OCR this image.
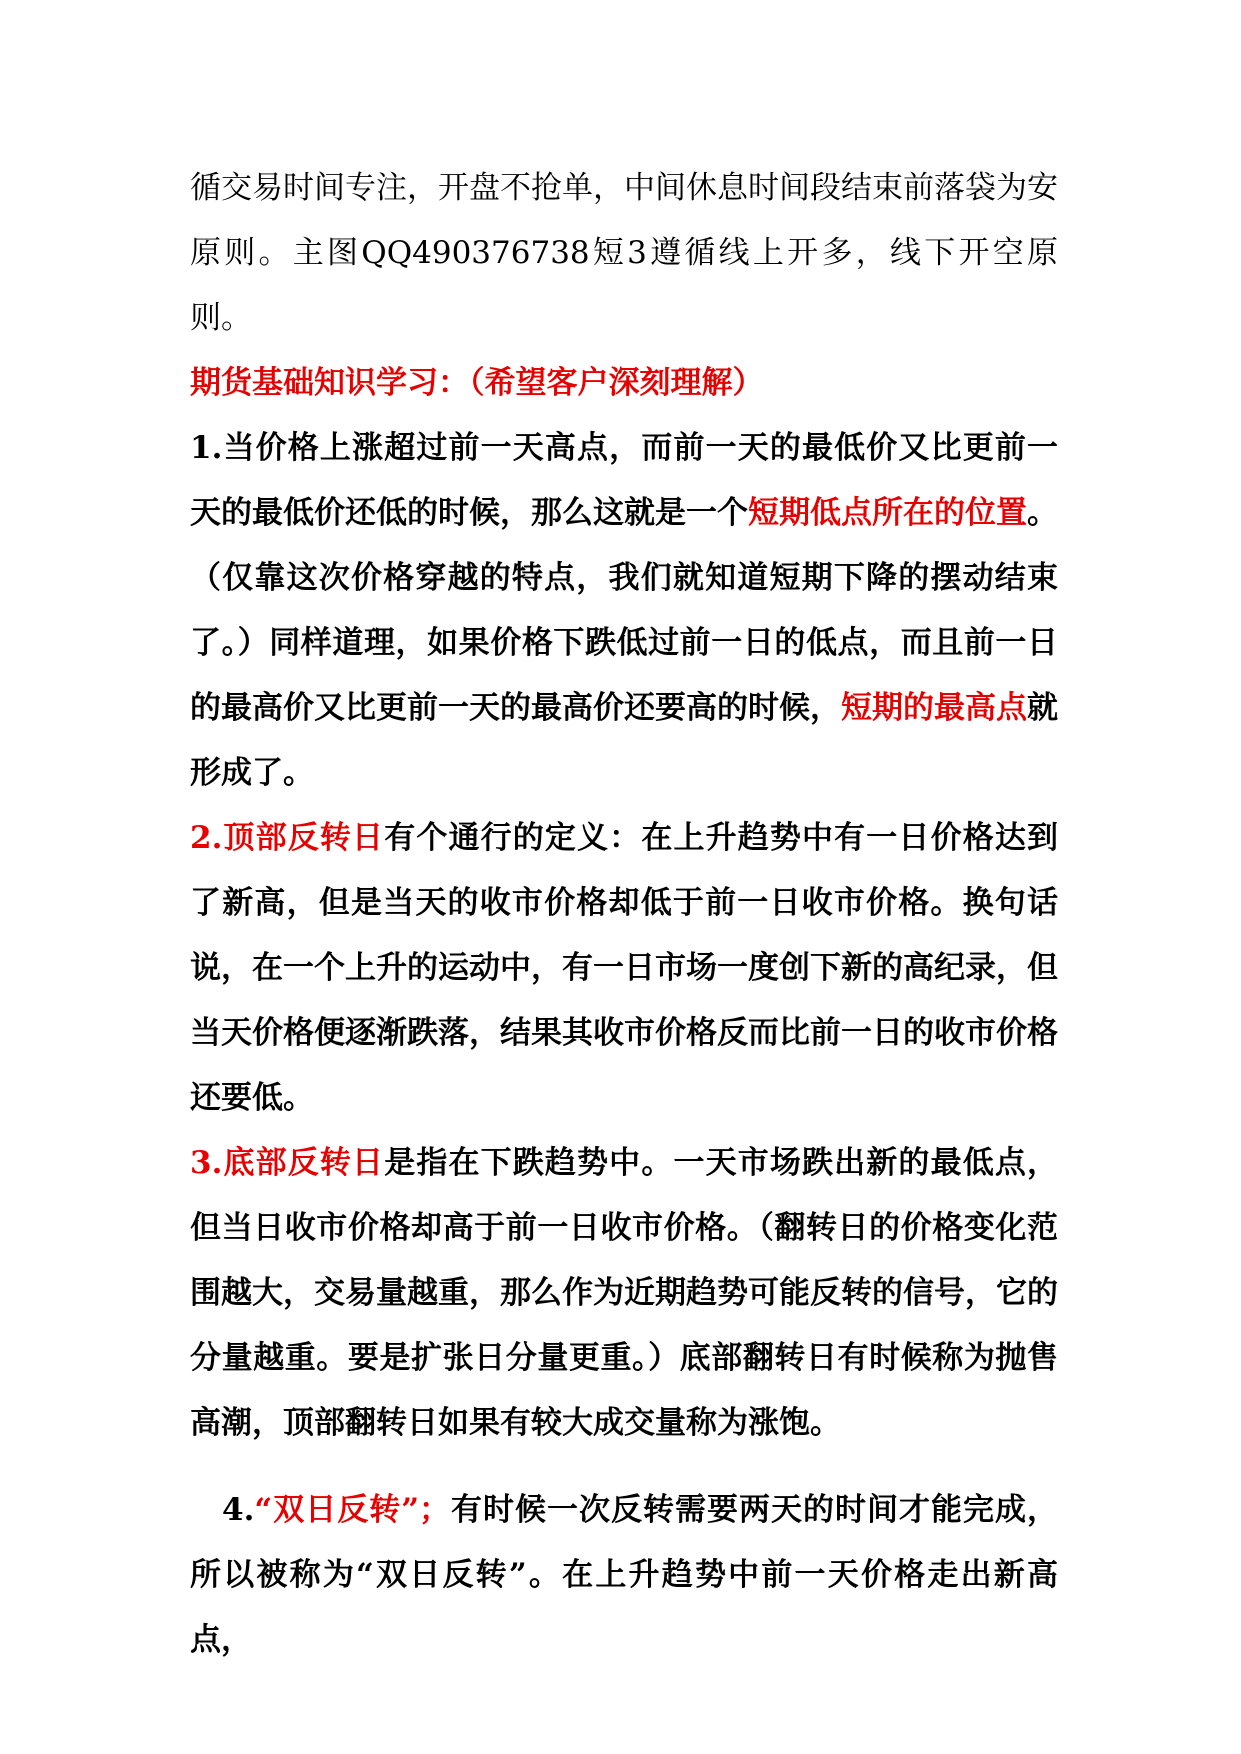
循交易时间专注，开盘不抢单，中间休息时间段结束前落袋为安原则。主图QQ490376738短3遵循线上开多，线下开空原则。

期货基础知识学习：（希望客户深刻理解）

1.当价格上涨超过前一天高点，而前一天的最低价又比更前一天的最低价还低的时候，那么这就是一个短期低点所在的位置。（仅靠这次价格穿越的特点，我们就知道短期下降的摆动结束了。）同样道理，如果价格下跌低过前一日的低点，而且前一日的最高价又比更前一天的最高价还要高的时候，短期的最高点就形成了。

2.顶部反转日有个通行的定义：在上升趋势中有一日价格达到了新高，但是当天的收市价格却低于前一日收市价格。换句话说，在一个上升的运动中，有一日市场一度创下新的高纪录，但当天价格便逐渐跌落，结果其收市价格反而比前一日的收市价格还要低。

3.底部反转日是指在下跌趋势中。一天市场跌出新的最低点，但当日收市价格却高于前一日收市价格。（翻转日的价格变化范围越大，交易量越重，那么作为近期趋势可能反转的信号，它的分量越重。要是扩张日分量更重。）底部翻转日有时候称为抛售高潮，顶部翻转日如果有较大成交量称为涨饱。

4.“双日反转”；有时候一次反转需要两天的时间才能完成，所以被称为“双日反转”。在上升趋势中前一天价格走出新高点，
